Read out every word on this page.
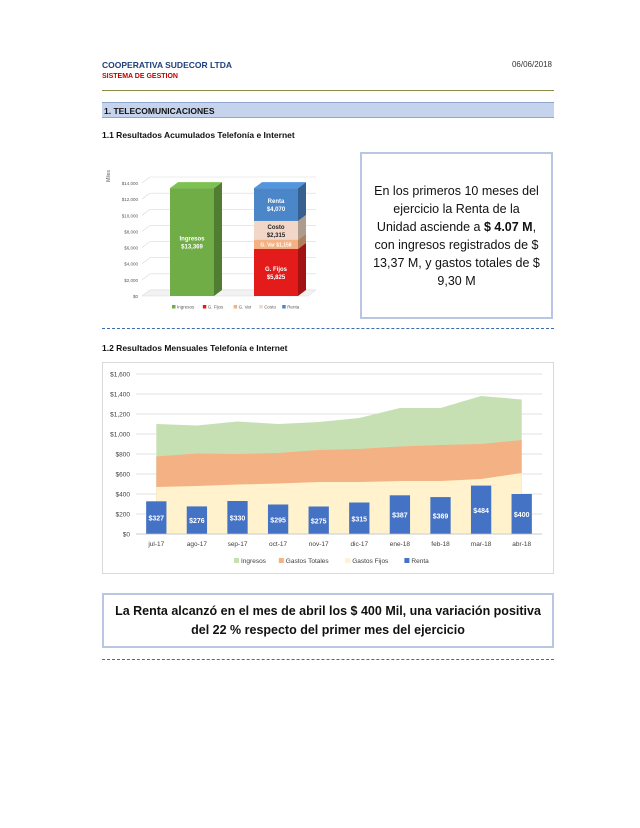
COOPERATIVA SUDECOR LTDA
SISTEMA DE GESTION
06/06/2018
1. TELECOMUNICACIONES
1.1 Resultados Acumulados Telefonía e Internet
$0
$2,000
$4,000
$6,000
$8,000
$10,000
$12,000
$14,000
Miles
Ingresos
$13,369
G. Fijos
$5,825
G. Var $1,158
Costo
$2,315
Renta
$4,070
Ingresos	G. Fijos	G. Var	Costo Renta
En los primeros 10 meses del ejercicio la Renta de la Unidad asciende a $ 4.07 M, con ingresos registrados de $ 13,37 M, y gastos totales de $ 9,30 M
1.2 Resultados Mensuales Telefonía e Internet
$0
$200
$400
$600
$800
$1,000
$1,200
$1,400
$1,600
$327	$276	$330	$295	$275	$315
$387	$369
$484
$400
jul-17	ago-17	sep-17	oct-17	nov-17	dic-17	ene-18	feb-18	mar-18	abr-18
Ingresos	Gastos Totales	Gastos Fijos	Renta
La Renta alcanzó en el mes de abril los $ 400 Mil, una variación positiva del 22 % respecto del primer mes del ejercicio
